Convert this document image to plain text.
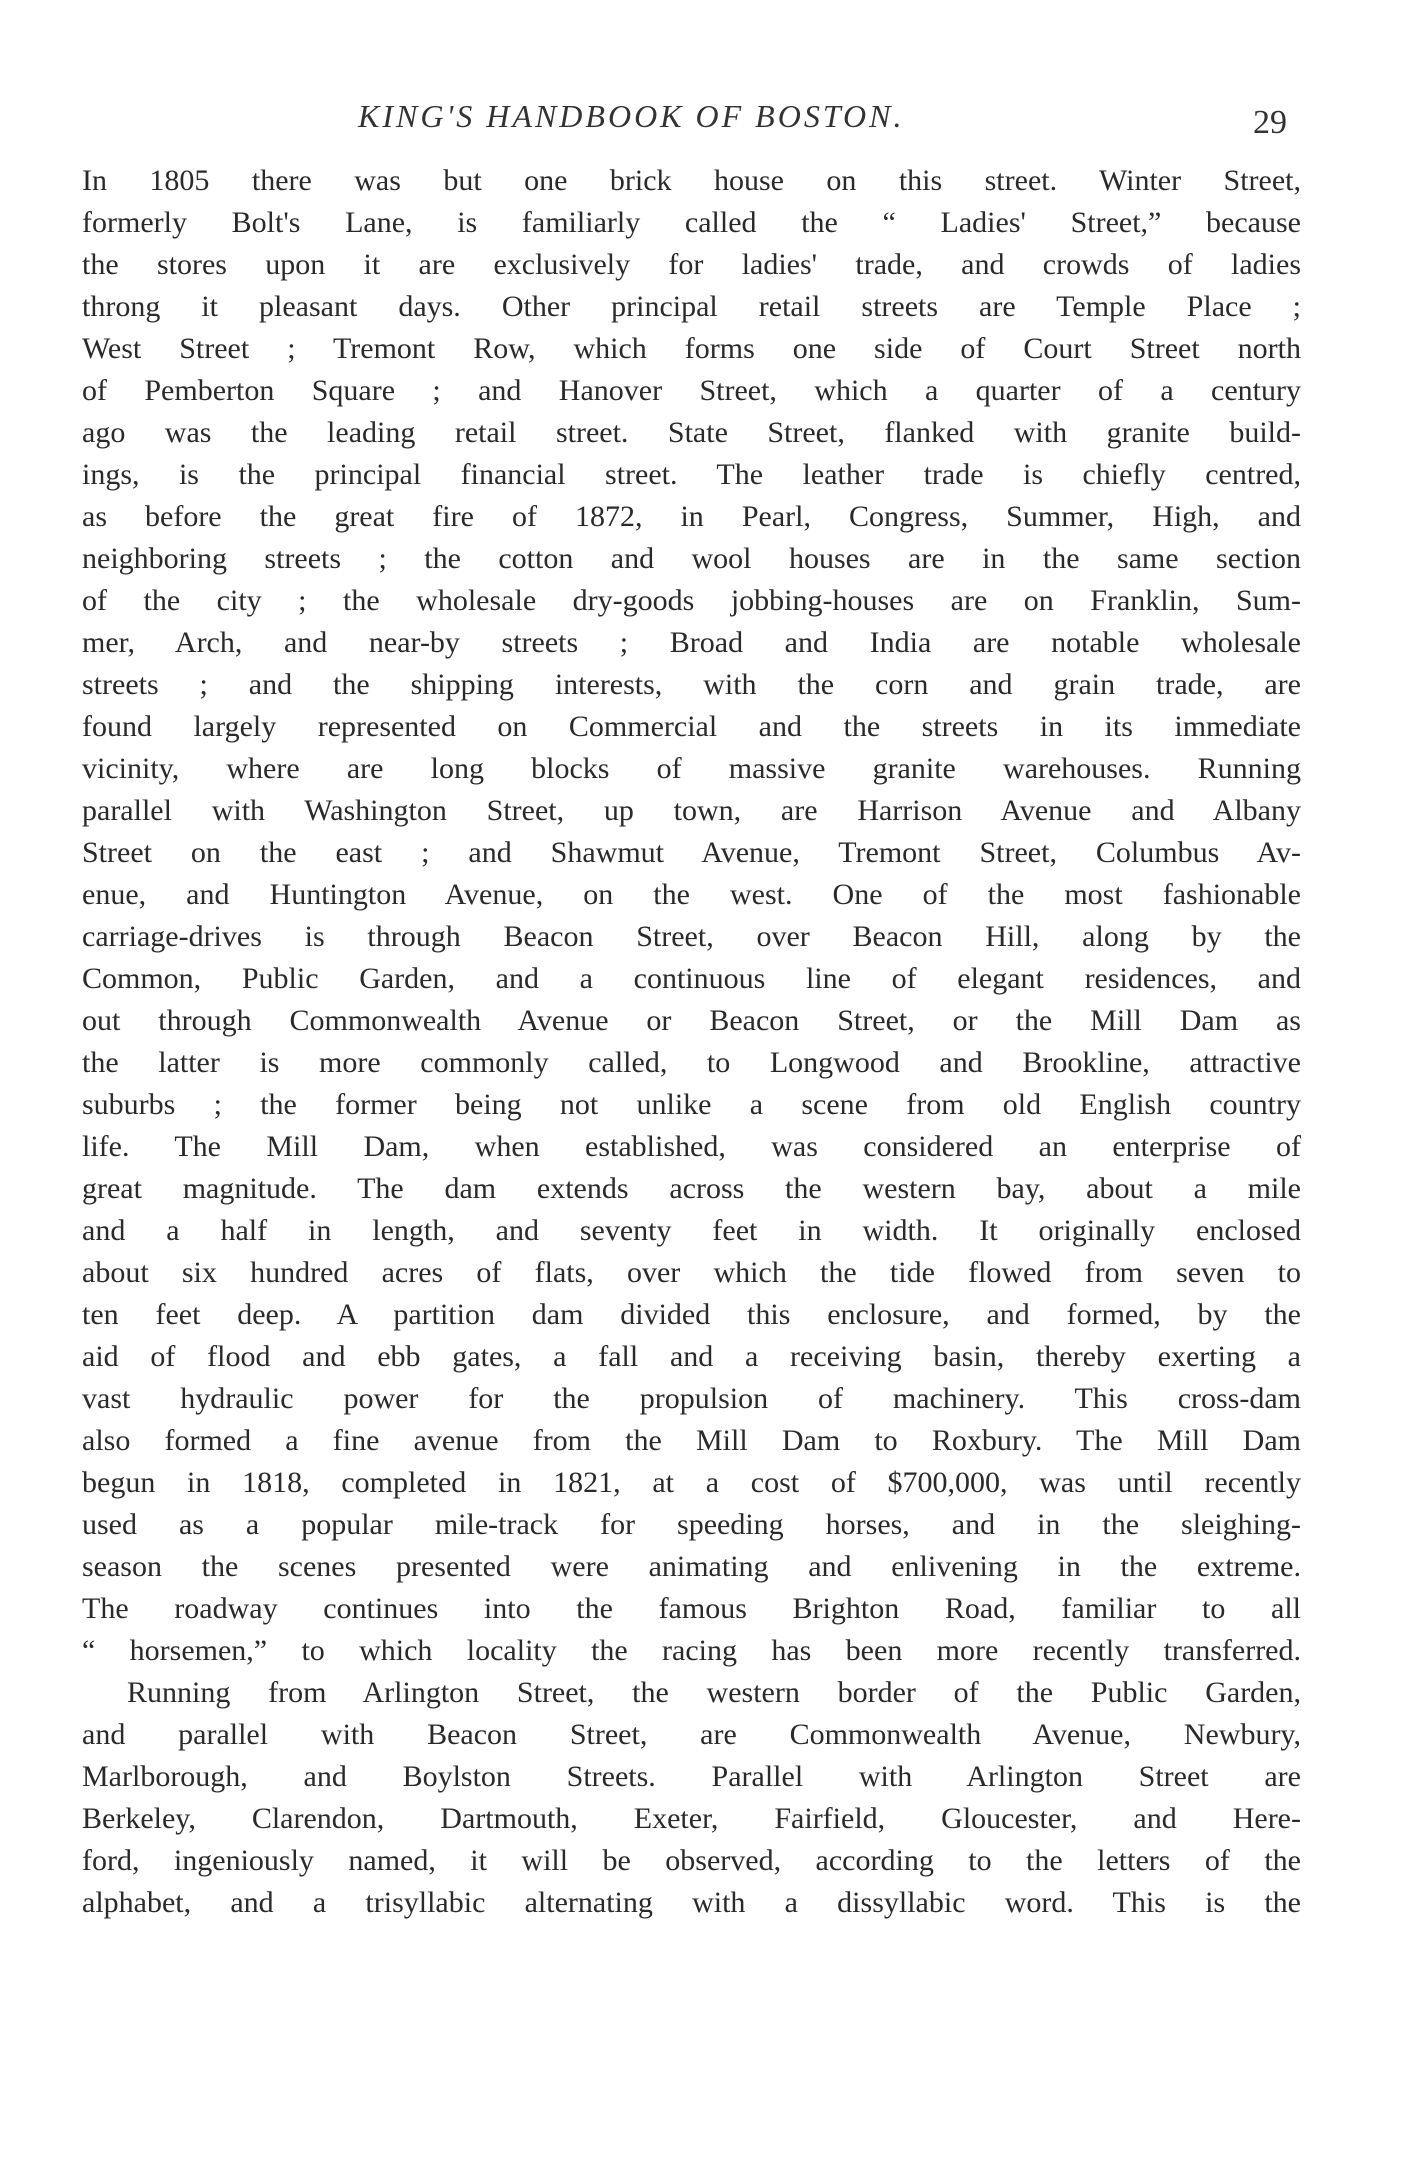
KING'S HANDBOOK OF BOSTON.	29
In 1805 there was but one brick house on this street. Winter Street,
formerly Bolt's Lane, is familiarly called the “ Ladies' Street,” because
the stores upon it are exclusively for ladies' trade, and crowds of ladies
throng it pleasant days. Other principal retail streets are Temple Place ;
West Street ; Tremont Row, which forms one side of Court Street north
of Pemberton Square ; and Hanover Street, which a quarter of a century
ago was the leading retail street. State Street, flanked with granite build-
ings, is the principal financial street. The leather trade is chiefly centred,
as before the great fire of 1872, in Pearl, Congress, Summer, High, and
neighboring streets ; the cotton and wool houses are in the same section
of the city ; the wholesale dry-goods jobbing-houses are on Franklin, Sum-
mer, Arch, and near-by streets ; Broad and India are notable wholesale
streets ; and the shipping interests, with the corn and grain trade, are
found largely represented on Commercial and the streets in its immediate
vicinity, where are long blocks of massive granite warehouses. Running
parallel with Washington Street, up town, are Harrison Avenue and Albany
Street on the east ; and Shawmut Avenue, Tremont Street, Columbus Av-
enue, and Huntington Avenue, on the west. One of the most fashionable
carriage-drives is through Beacon Street, over Beacon Hill, along by the
Common, Public Garden, and a continuous line of elegant residences, and
out through Commonwealth Avenue or Beacon Street, or the Mill Dam as
the latter is more commonly called, to Longwood and Brookline, attractive
suburbs ; the former being not unlike a scene from old English country
life. The Mill Dam, when established, was considered an enterprise of
great magnitude. The dam extends across the western bay, about a mile
and a half in length, and seventy feet in width. It originally enclosed
about six hundred acres of flats, over which the tide flowed from seven to
ten feet deep. A partition dam divided this enclosure, and formed, by the
aid of flood and ebb gates, a fall and a receiving basin, thereby exerting a
vast hydraulic power for the propulsion of machinery. This cross-dam
also formed a fine avenue from the Mill Dam to Roxbury. The Mill Dam
begun in 1818, completed in 1821, at a cost of $700,000, was until recently
used as a popular mile-track for speeding horses, and in the sleighing-
season the scenes presented were animating and enlivening in the extreme.
The roadway continues into the famous Brighton Road, familiar to all
“ horsemen,” to which locality the racing has been more recently transferred.
Running from Arlington Street, the western border of the Public Garden,
and parallel with Beacon Street, are Commonwealth Avenue, Newbury,
Marlborough, and Boylston Streets. Parallel with Arlington Street are
Berkeley, Clarendon, Dartmouth, Exeter, Fairfield, Gloucester, and Here-
ford, ingeniously named, it will be observed, according to the letters of the
alphabet, and a trisyllabic alternating with a dissyllabic word. This is the
